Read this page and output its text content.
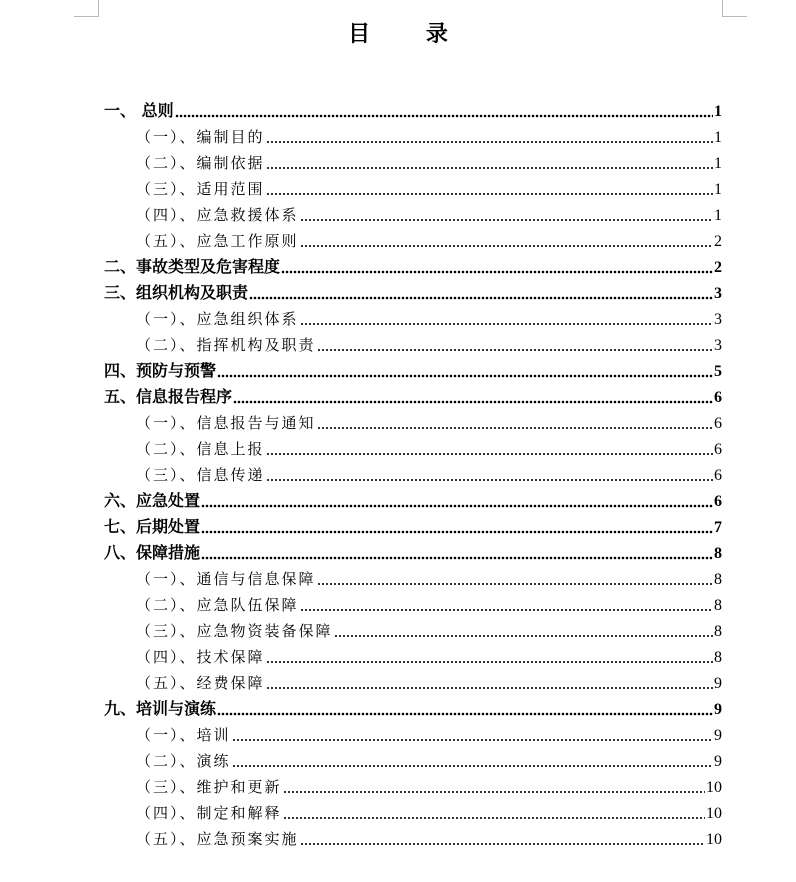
目 录
一、 总则	1
（一）、编制目的	1
（二）、编制依据	1
（三）、适用范围	1
（四）、应急救援体系	1
（五）、应急工作原则	2
二、事故类型及危害程度	2
三、组织机构及职责	3
（一）、应急组织体系	3
（二）、指挥机构及职责	3
四、预防与预警	5
五、信息报告程序	6
（一）、信息报告与通知	6
（二）、信息上报	6
（三）、信息传递	6
六、应急处置	6
七、后期处置	7
八、保障措施	8
（一）、通信与信息保障	8
（二）、应急队伍保障	8
（三）、应急物资装备保障	8
（四）、技术保障	8
（五）、经费保障	9
九、培训与演练	9
（一）、培训	9
（二）、演练	9
（三）、维护和更新	10
（四）、制定和解释	10
（五）、应急预案实施	10
